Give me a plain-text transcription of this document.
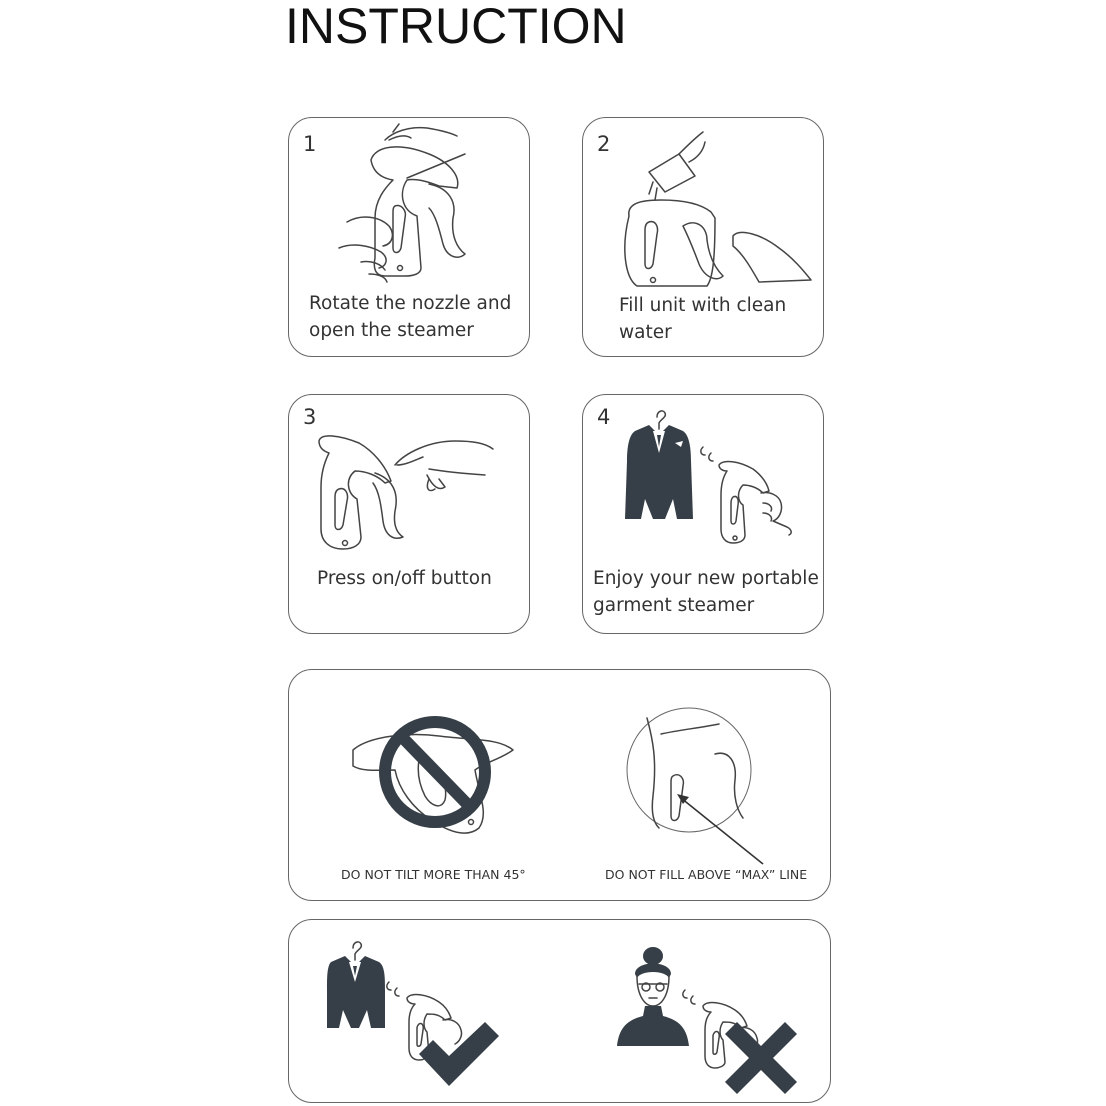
INSTRUCTION
1
Rotate the nozzle and
open the steamer
2
Fill unit with clean
water
3
Press on/off button
4
Enjoy your new portable
garment steamer
DO NOT TILT MORE THAN 45°	DO NOT FILL ABOVE “MAX” LINE
